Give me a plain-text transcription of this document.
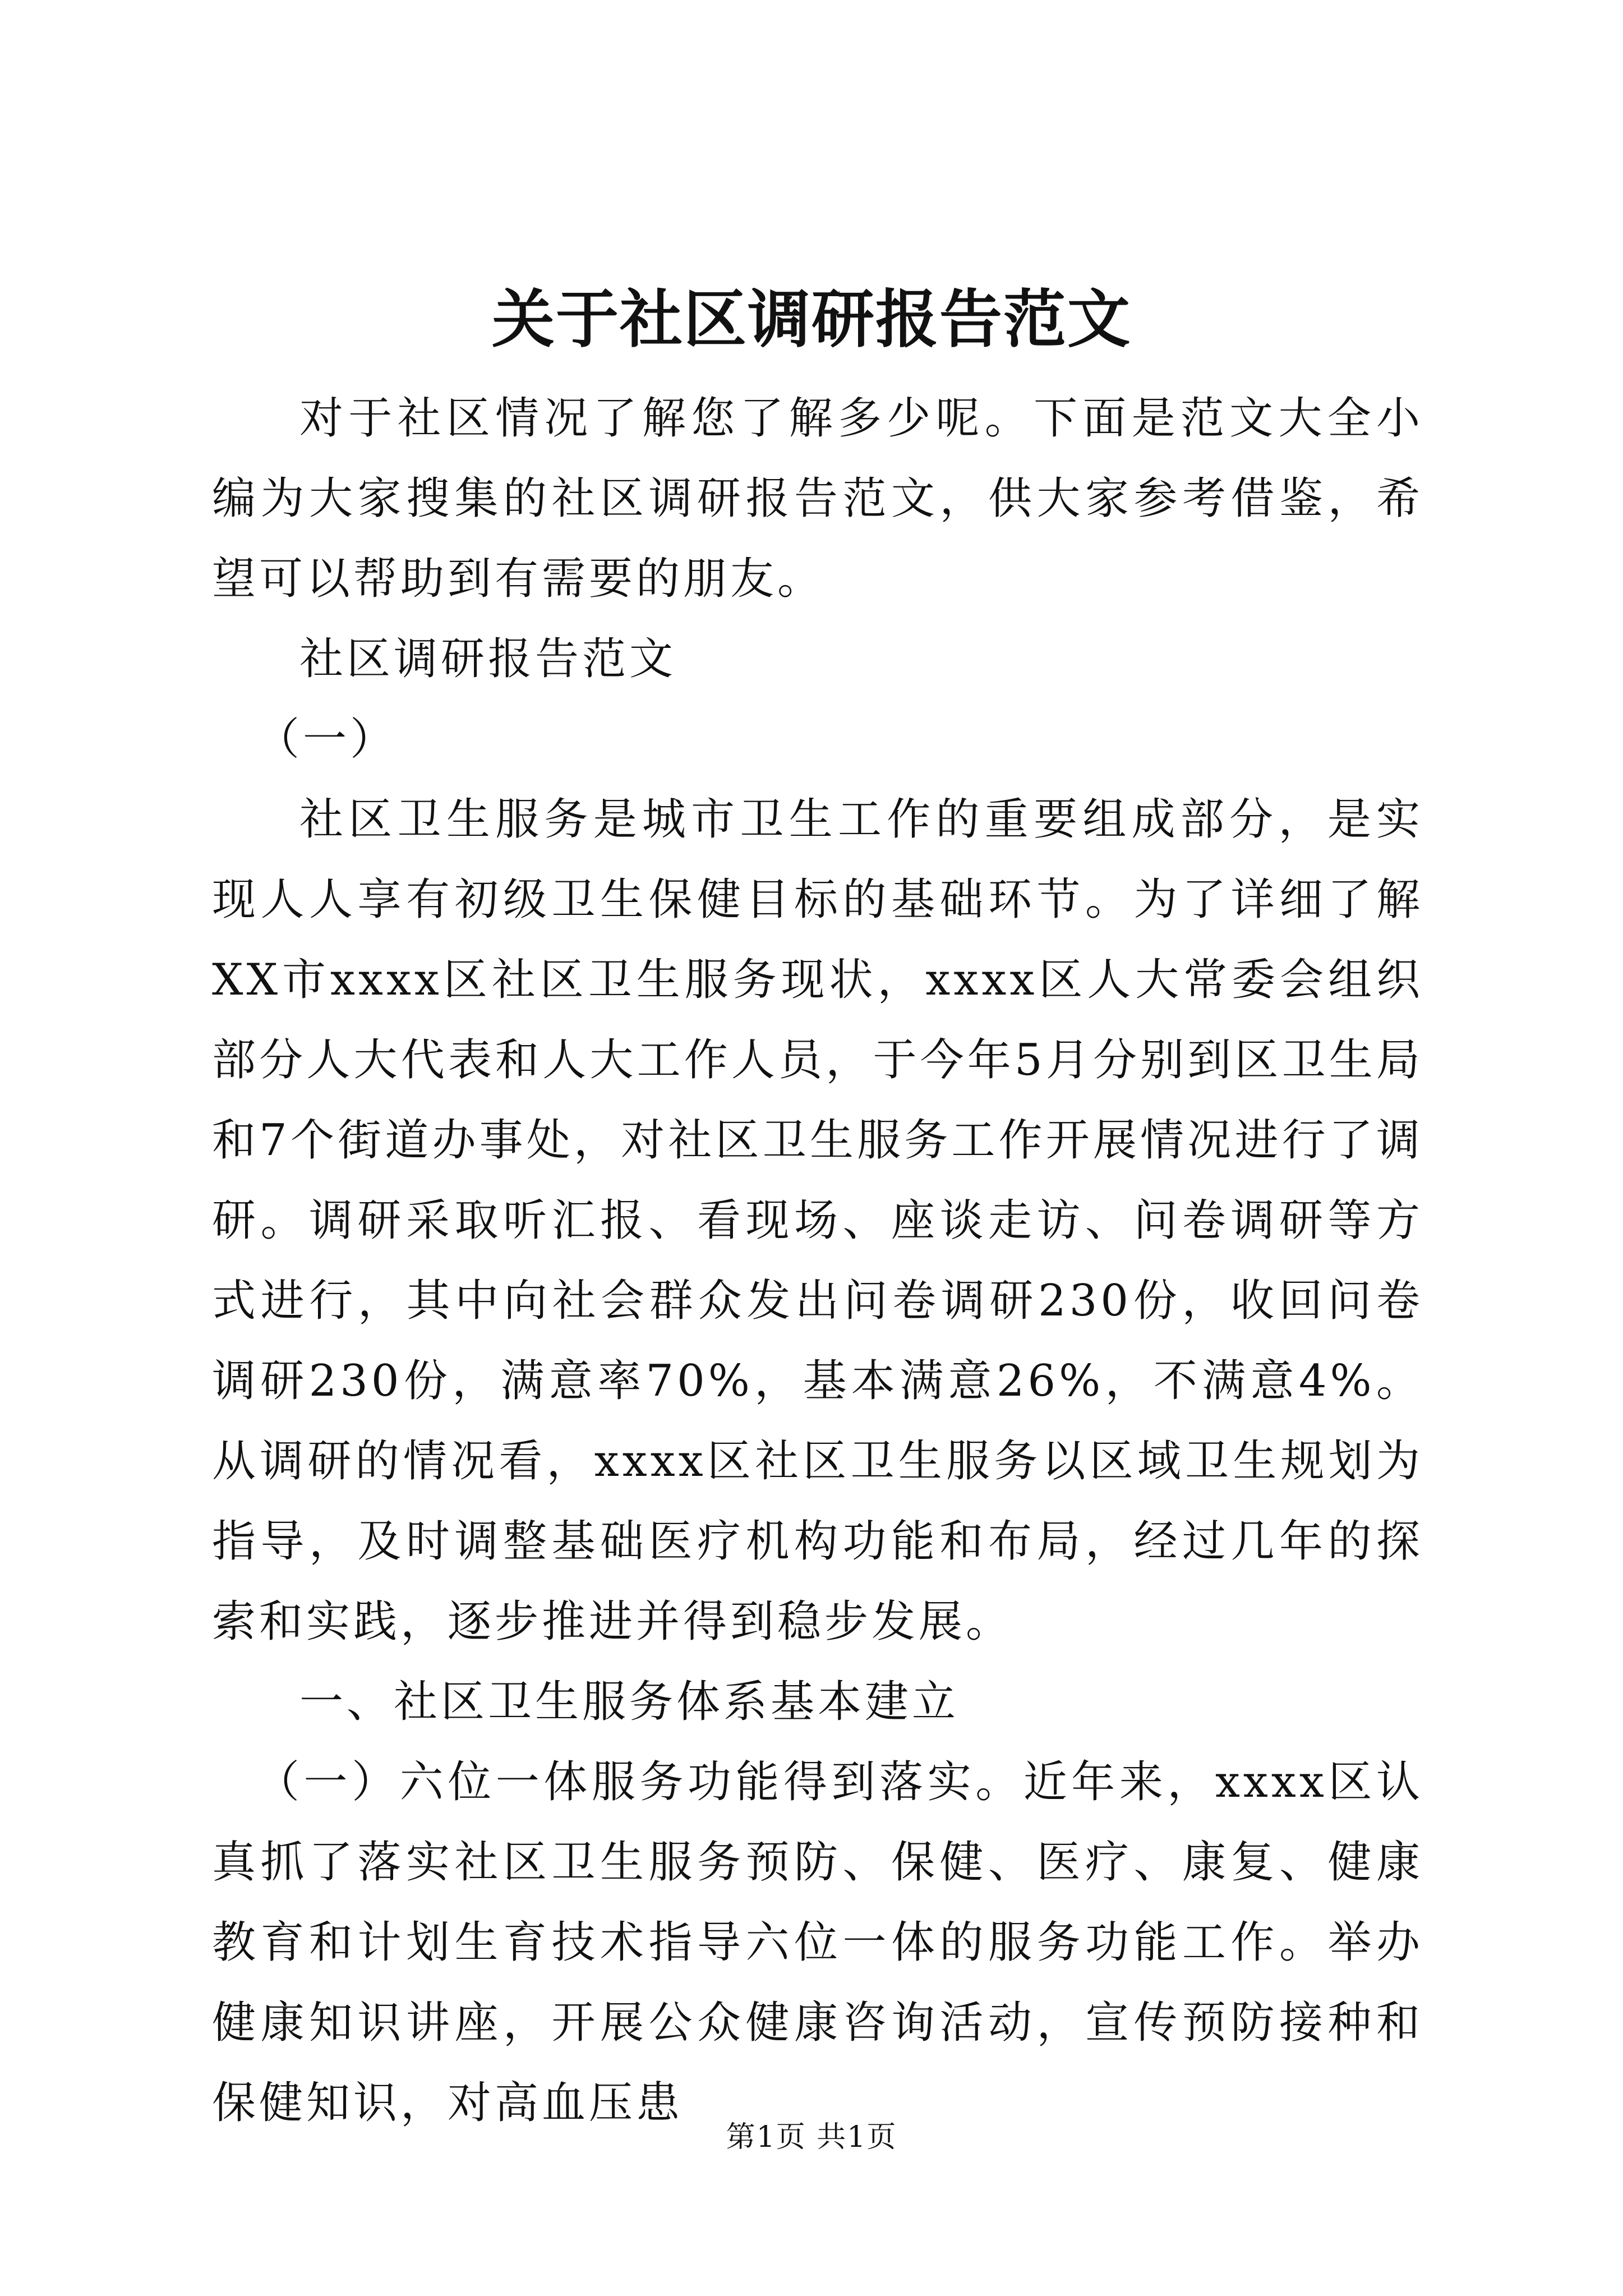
关于社区调研报告范文

对于社区情况了解您了解多少呢。下面是范文大全小编为大家搜集的社区调研报告范文，供大家参考借鉴，希望可以帮助到有需要的朋友。

社区调研报告范文

（一）

社区卫生服务是城市卫生工作的重要组成部分，是实现人人享有初级卫生保健目标的基础环节。为了详细了解XX市xxxx区社区卫生服务现状，xxxx区人大常委会组织部分人大代表和人大工作人员，于今年5月分别到区卫生局和7个街道办事处，对社区卫生服务工作开展情况进行了调研。调研采取听汇报、看现场、座谈走访、问卷调研等方式进行，其中向社会群众发出问卷调研230份，收回问卷调研230份，满意率70%，基本满意26%，不满意4%。从调研的情况看，xxxx区社区卫生服务以区域卫生规划为指导，及时调整基础医疗机构功能和布局，经过几年的探索和实践，逐步推进并得到稳步发展。

一、社区卫生服务体系基本建立

（一）六位一体服务功能得到落实。近年来，xxxx区认真抓了落实社区卫生服务预防、保健、医疗、康复、健康教育和计划生育技术指导六位一体的服务功能工作。举办健康知识讲座，开展公众健康咨询活动，宣传预防接种和保健知识，对高血压患

第1页 共1页
